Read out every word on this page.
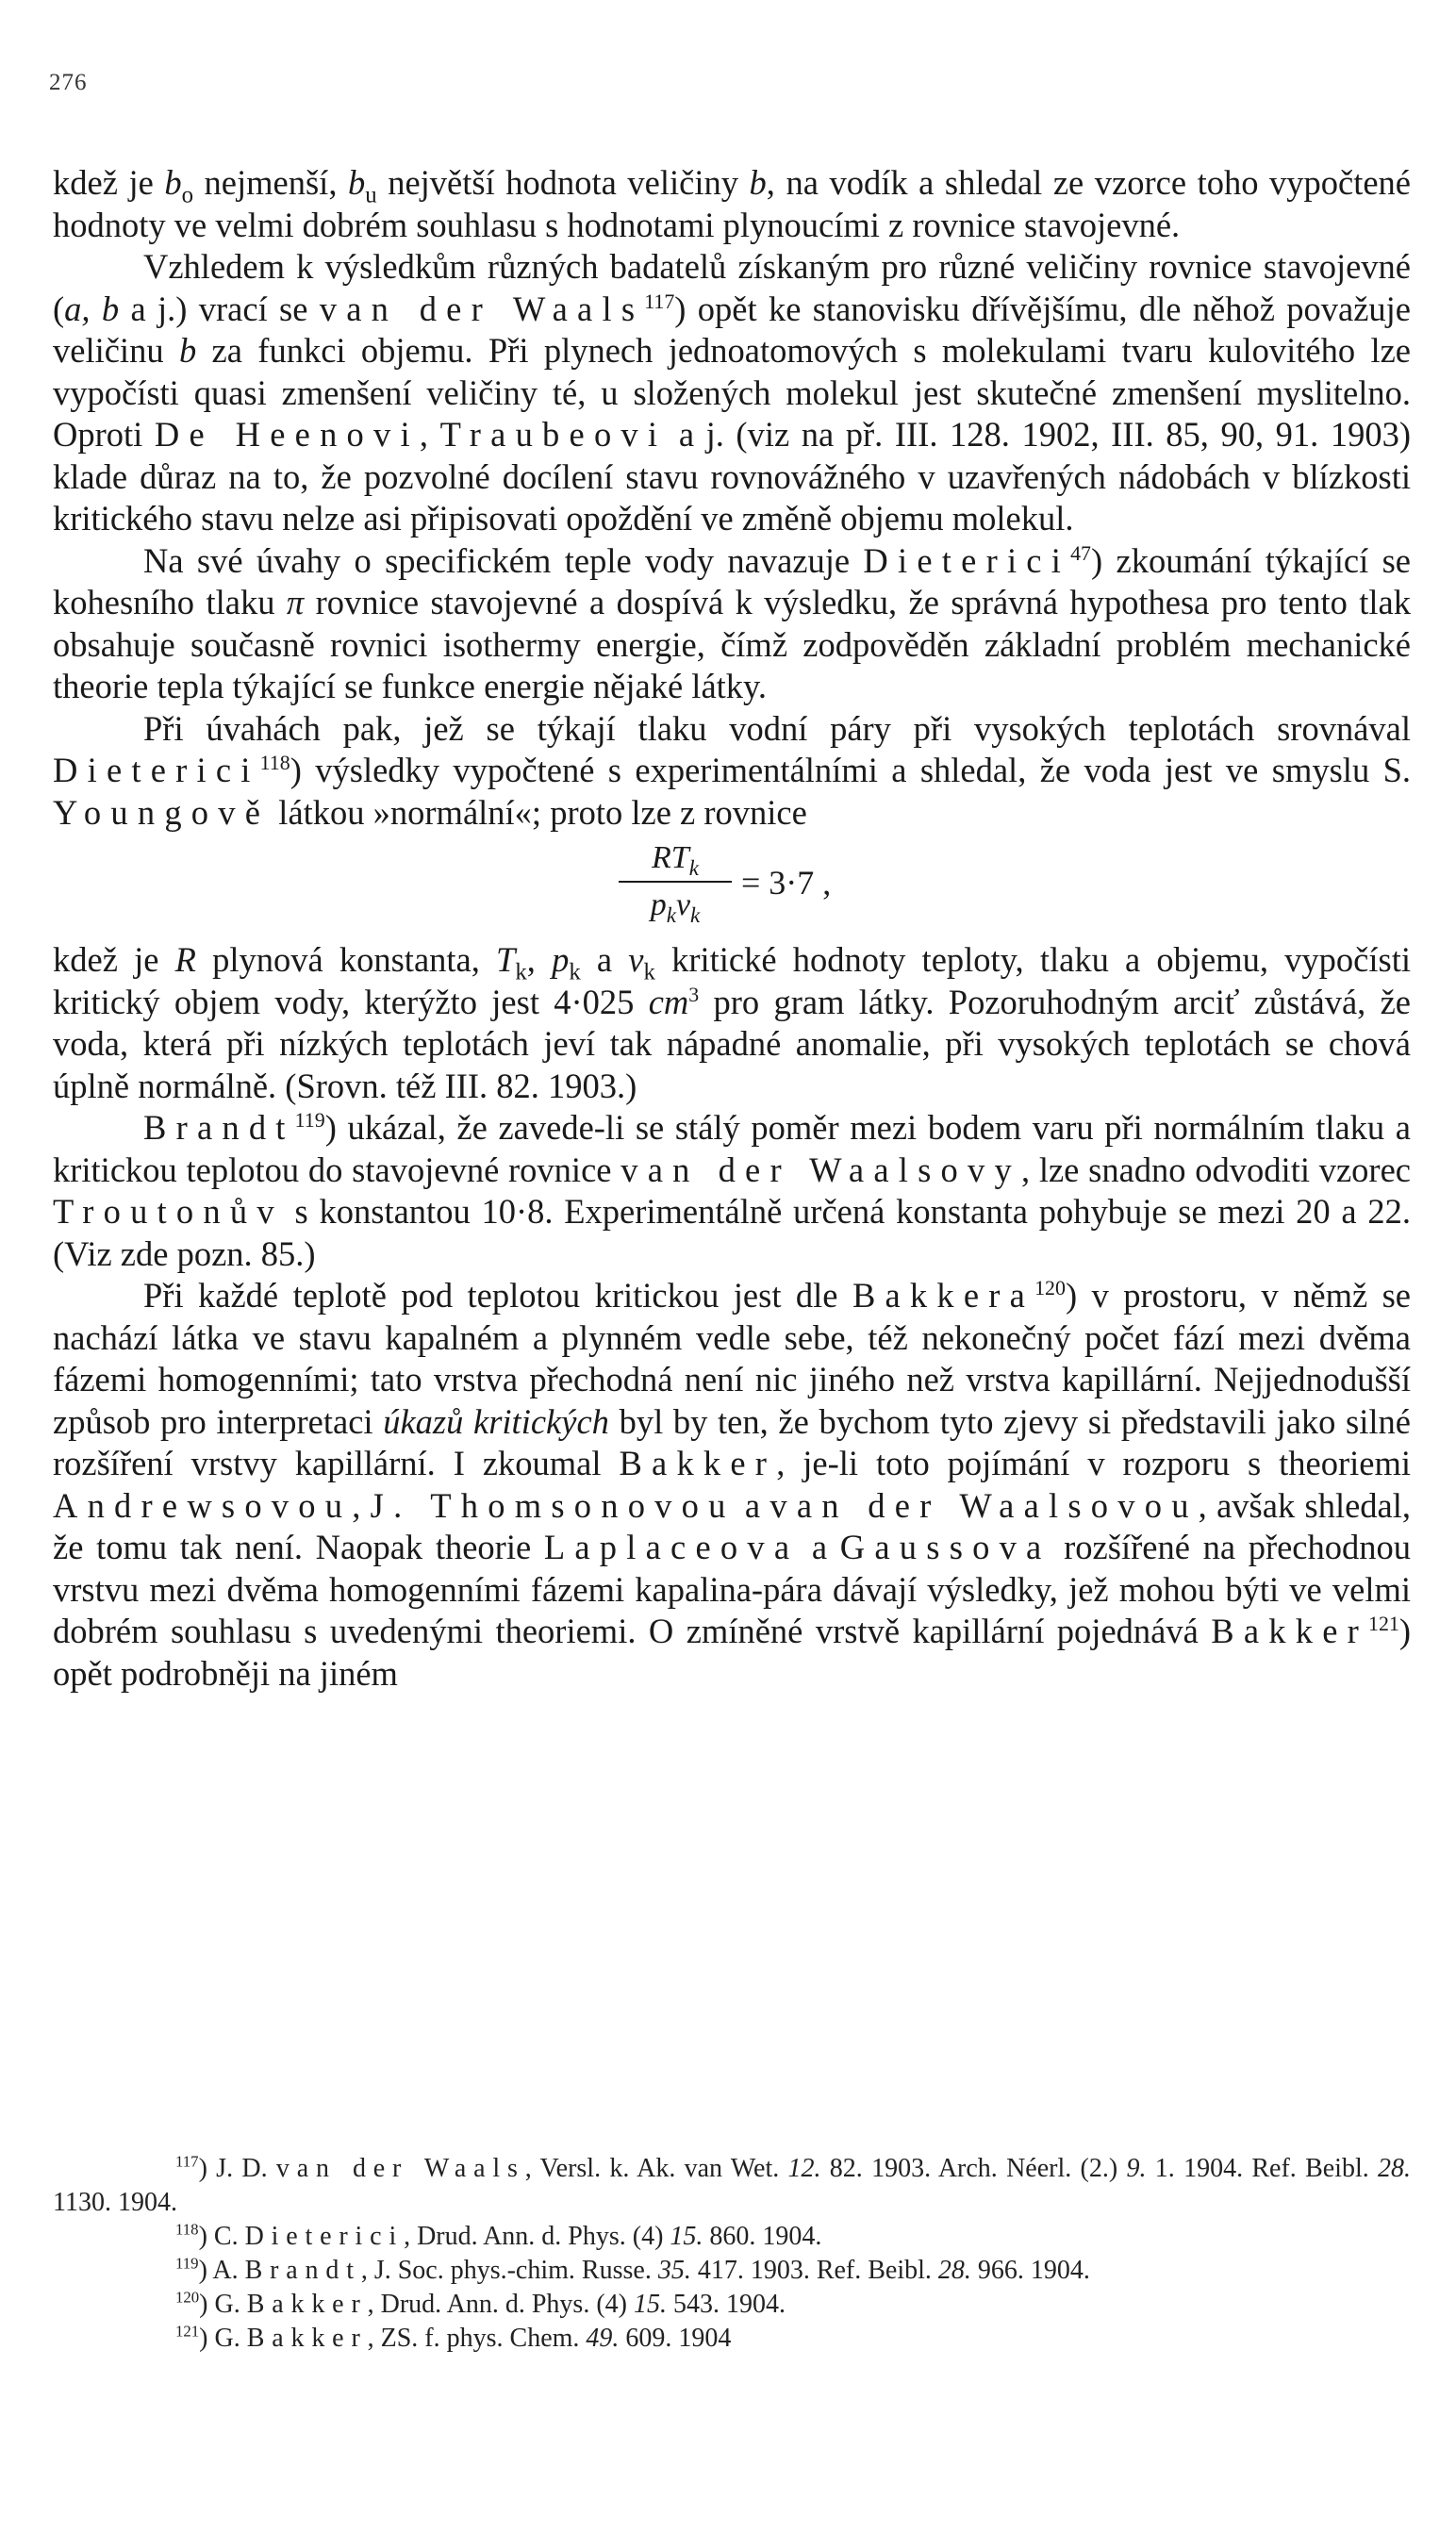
276

kdež je $b_o$ nejmenší, $b_u$ největší hodnota veličiny b, na vodík a shledal ze vzorce toho vypočtené hodnoty ve velmi dobrém souhlasu s hodnotami plynoucími z rovnice stavojevné.

Vzhledem k výsledkům různých badatelů získaným pro různé veličiny rovnice stavojevné (a, b a j.) vrací se van der Waals$^{117}$) opět ke stanovisku dřívějšímu, dle něhož považuje veličinu b za funkci objemu. Při plynech jednoatomových s molekulami tvaru kulovitého lze vypočísti quasi zmenšení veličiny té, u složených molekul jest skutečné zmenšení myslitelno. Oproti De Heenovi, Traubeovi a j. (viz na př. III. 128. 1902, III. 85, 90, 91. 1903) klade důraz na to, že pozvolné docílení stavu rovnovážného v uzavřených nádobách v blízkosti kritického stavu nelze asi připisovati opoždění ve změně objemu molekul.

Na své úvahy o specifickém teple vody navazuje Dieterici$^{47}$) zkoumání týkající se kohesního tlaku π rovnice stavojevné a dospívá k výsledku, že správná hypothesa pro tento tlak obsahuje současně rovnici isothermy energie, čímž zodpověděn základní problém mechanické theorie tepla týkající se funkce energie nějaké látky.

Při úvahách pak, jež se týkají tlaku vodní páry při vysokých teplotách srovnával Dieterici$^{118}$) výsledky vypočtené s experimentálními a shledal, že voda jest ve smyslu S. Youngově látkou »normální«; proto lze z rovnice

$RT_k$
$p_kv_k$
= 3·7 ,

kdež je R plynová konstanta, $T_k$, $p_k$ a $v_k$ kritické hodnoty teploty, tlaku a objemu, vypočísti kritický objem vody, kterýžto jest 4·025 $cm^3$ pro gram látky. Pozoruhodným arciť zůstává, že voda, která při nízkých teplotách jeví tak nápadné anomalie, při vysokých teplotách se chová úplně normálně. (Srovn. též III. 82. 1903.)

Brandt$^{119}$) ukázal, že zavede-li se stálý poměr mezi bodem varu při normálním tlaku a kritickou teplotou do stavojevné rovnice van der Waalsovy, lze snadno odvoditi vzorec Troutonův s konstantou 10·8. Experimentálně určená konstanta pohybuje se mezi 20 a 22. (Viz zde pozn. 85.)

Při každé teplotě pod teplotou kritickou jest dle Bakkera$^{120}$) v prostoru, v němž se nachází látka ve stavu kapalném a plynném vedle sebe, též nekonečný počet fází mezi dvěma fázemi homogenními; tato vrstva přechodná není nic jiného než vrstva kapillární. Nejjednodušší způsob pro interpretaci úkazů kritických byl by ten, že bychom tyto zjevy si představili jako silné rozšíření vrstvy kapillární. I zkoumal Bakker, je-li toto pojímání v rozporu s theoriemi Andrewsovou, J. Thomsonovou a van der Waalsovou, avšak shledal, že tomu tak není. Naopak theorie Laplaceova a Gaussova rozšířené na přechodnou vrstvu mezi dvěma homogenními fázemi kapalina-pára dávají výsledky, jež mohou býti ve velmi dobrém souhlasu s uvedenými theoriemi. O zmíněné vrstvě kapillární pojednává Bakker$^{121}$) opět podrobněji na jiném

$^{117}$) J. D. van der Waals, Versl. k. Ak. van Wet. 12. 82. 1903. Arch. Néerl. (2.) 9. 1. 1904. Ref. Beibl. 28. 1130. 1904.

$^{118}$) C. Dieterici, Drud. Ann. d. Phys. (4) 15. 860. 1904.

$^{119}$) A. Brandt, J. Soc. phys.-chim. Russe. 35. 417. 1903. Ref. Beibl. 28. 966. 1904.

$^{120}$) G. Bakker, Drud. Ann. d. Phys. (4) 15. 543. 1904.

$^{121}$) G. Bakker, ZS. f. phys. Chem. 49. 609. 1904
